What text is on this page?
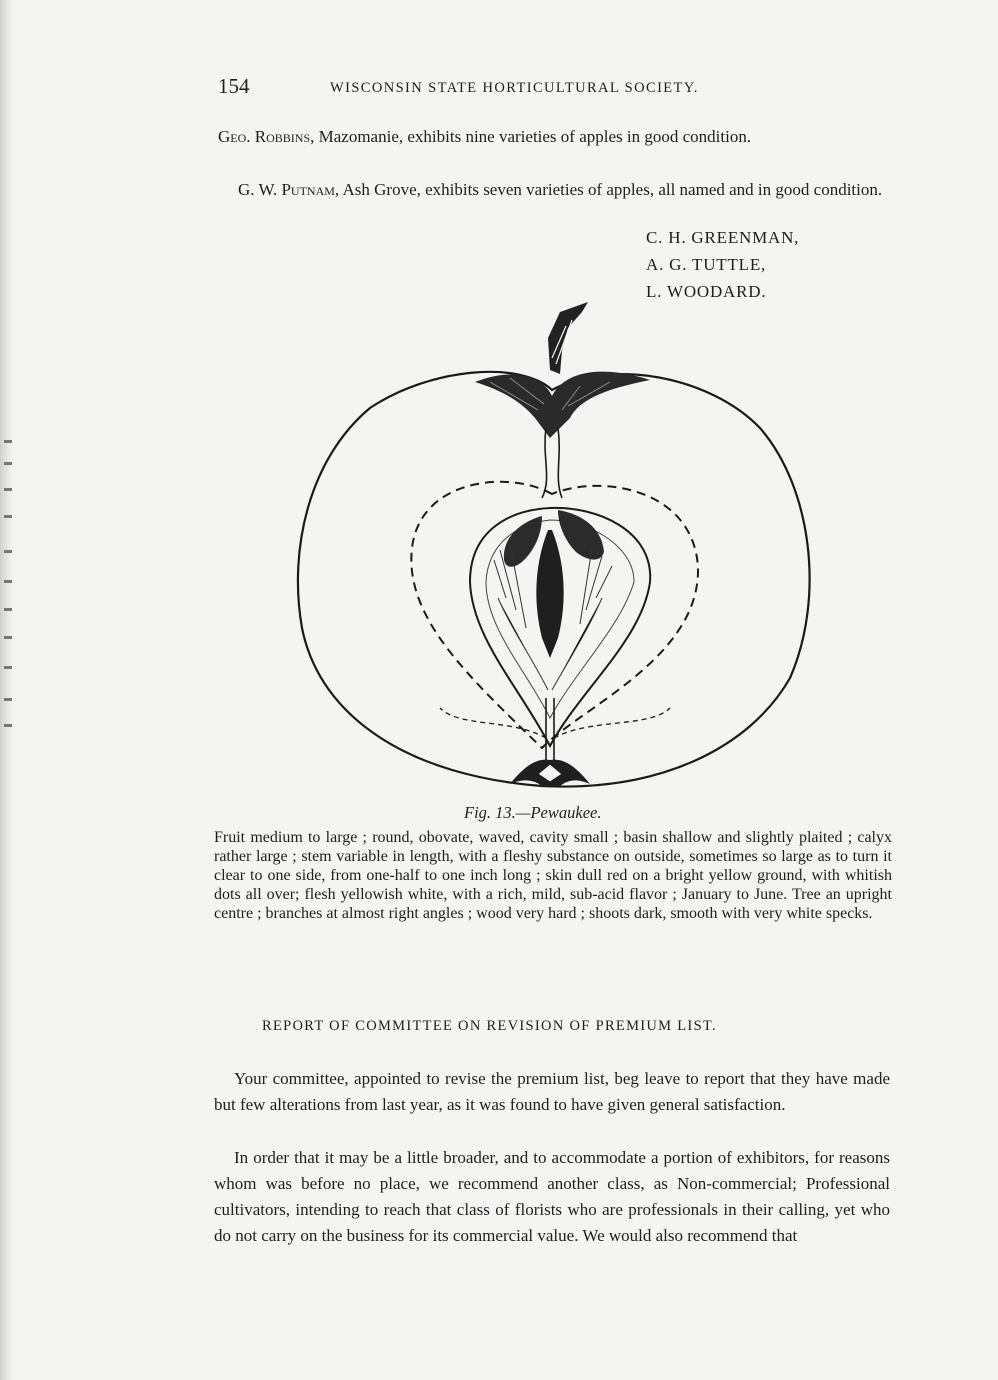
154	WISCONSIN STATE HORTICULTURAL SOCIETY.

Geo. Robbins, Mazomanie, exhibits nine varieties of apples in good condition.

G. W. Putnam, Ash Grove, exhibits seven varieties of apples, all named and in good condition.

C. H. GREENMAN,
A. G. TUTTLE,
L. WOODARD.
Fig. 13.—Pewaukee.

Fruit medium to large ; round, obovate, waved, cavity small ; basin shallow and slightly plaited ; calyx rather large ; stem variable in length, with a fleshy substance on outside, sometimes so large as to turn it clear to one side, from one-half to one inch long ; skin dull red on a bright yellow ground, with whitish dots all over; flesh yellowish white, with a rich, mild, sub-acid flavor ; January to June. Tree an upright centre ; branches at almost right angles ; wood very hard ; shoots dark, smooth with very white specks.

REPORT OF COMMITTEE ON REVISION OF PREMIUM LIST.

Your committee, appointed to revise the premium list, beg leave to report that they have made but few alterations from last year, as it was found to have given general satisfaction.

In order that it may be a little broader, and to accommodate a portion of exhibitors, for reasons whom was before no place, we recommend another class, as Non-commercial; Professional cultivators, intending to reach that class of florists who are professionals in their calling, yet who do not carry on the business for its commercial value. We would also recommend that
